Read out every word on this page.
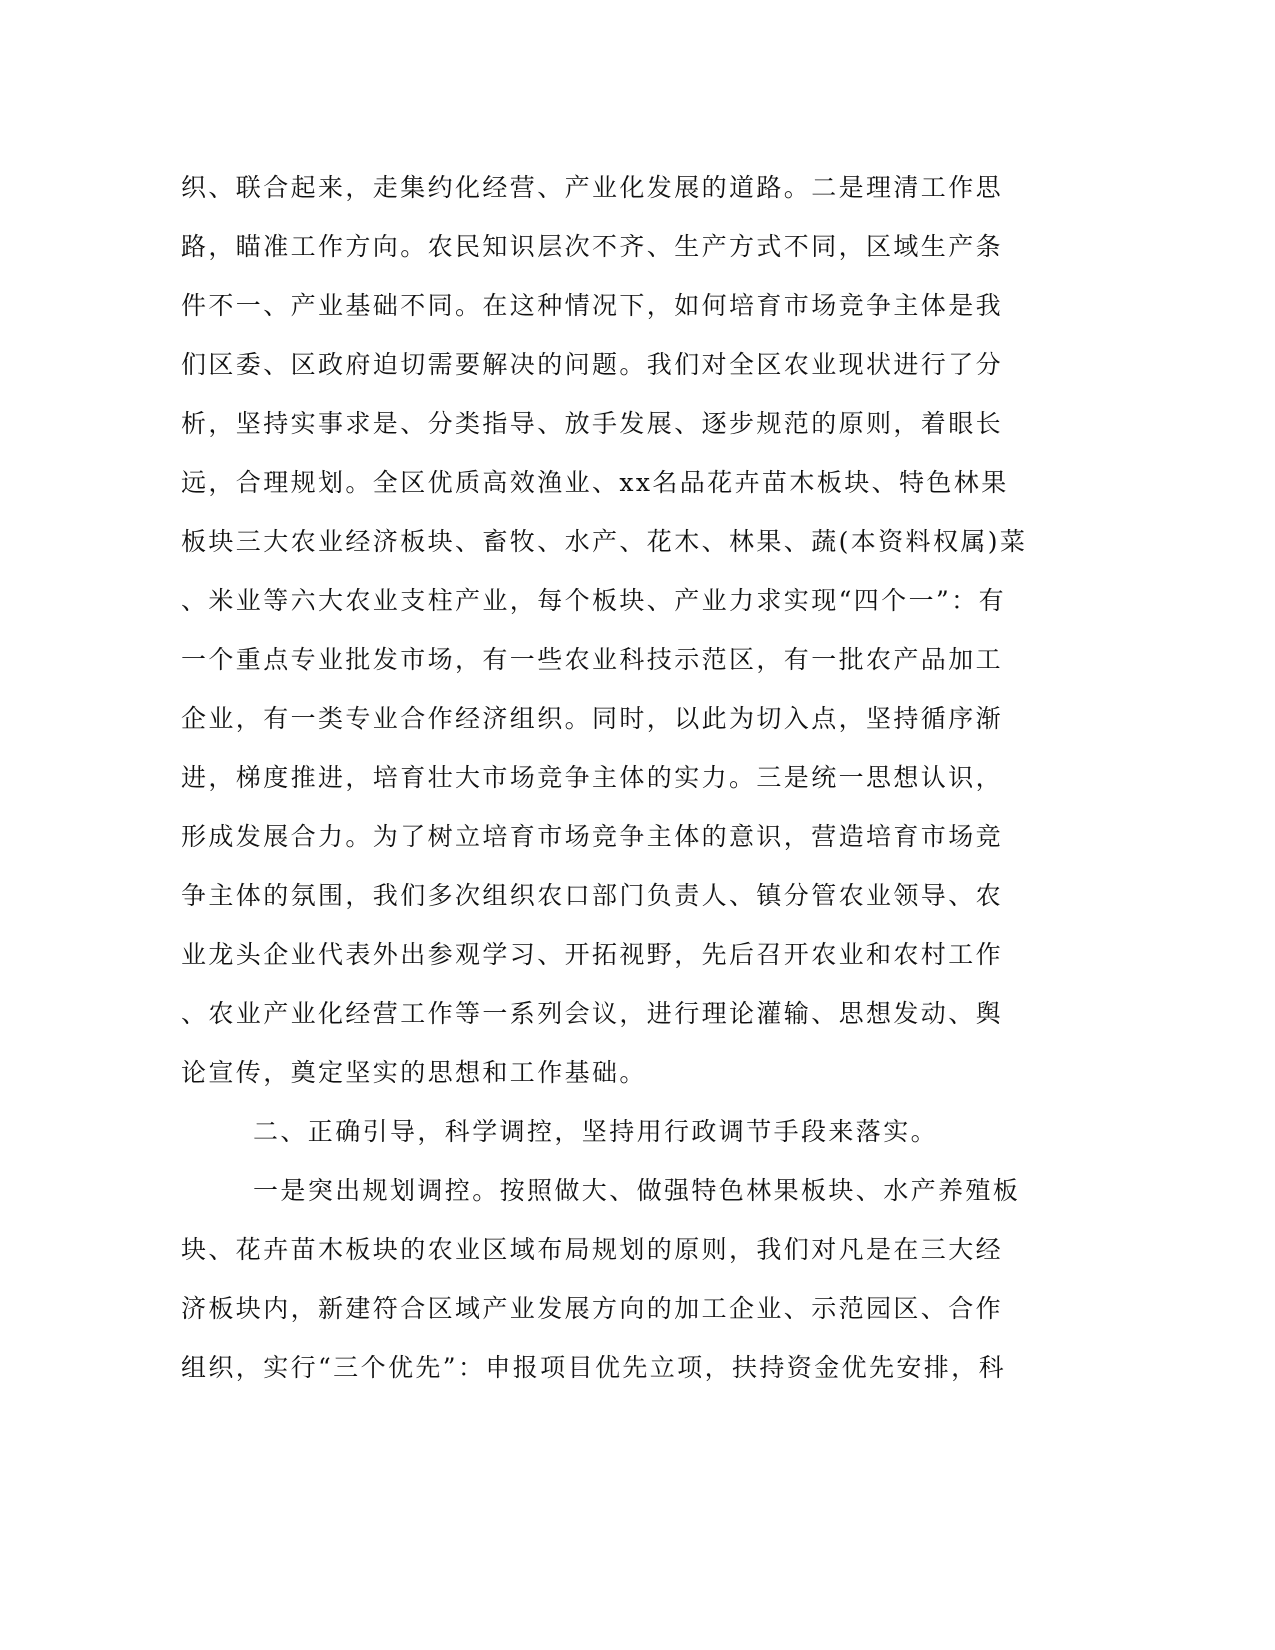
织、联合起来，走集约化经营、产业化发展的道路。二是理清工作思
路，瞄准工作方向。农民知识层次不齐、生产方式不同，区域生产条
件不一、产业基础不同。在这种情况下，如何培育市场竞争主体是我
们区委、区政府迫切需要解决的问题。我们对全区农业现状进行了分
析，坚持实事求是、分类指导、放手发展、逐步规范的原则，着眼长
远，合理规划。全区优质高效渔业、xx名品花卉苗木板块、特色林果
板块三大农业经济板块、畜牧、水产、花木、林果、蔬(本资料权属)菜
、米业等六大农业支柱产业，每个板块、产业力求实现“四个一”：有
一个重点专业批发市场，有一些农业科技示范区，有一批农产品加工
企业，有一类专业合作经济组织。同时，以此为切入点，坚持循序渐
进，梯度推进，培育壮大市场竞争主体的实力。三是统一思想认识，
形成发展合力。为了树立培育市场竞争主体的意识，营造培育市场竞
争主体的氛围，我们多次组织农口部门负责人、镇分管农业领导、农
业龙头企业代表外出参观学习、开拓视野，先后召开农业和农村工作
、农业产业化经营工作等一系列会议，进行理论灌输、思想发动、舆
论宣传，奠定坚实的思想和工作基础。
二、正确引导，科学调控，坚持用行政调节手段来落实。
一是突出规划调控。按照做大、做强特色林果板块、水产养殖板
块、花卉苗木板块的农业区域布局规划的原则，我们对凡是在三大经
济板块内，新建符合区域产业发展方向的加工企业、示范园区、合作
组织，实行“三个优先”：申报项目优先立项，扶持资金优先安排，科
